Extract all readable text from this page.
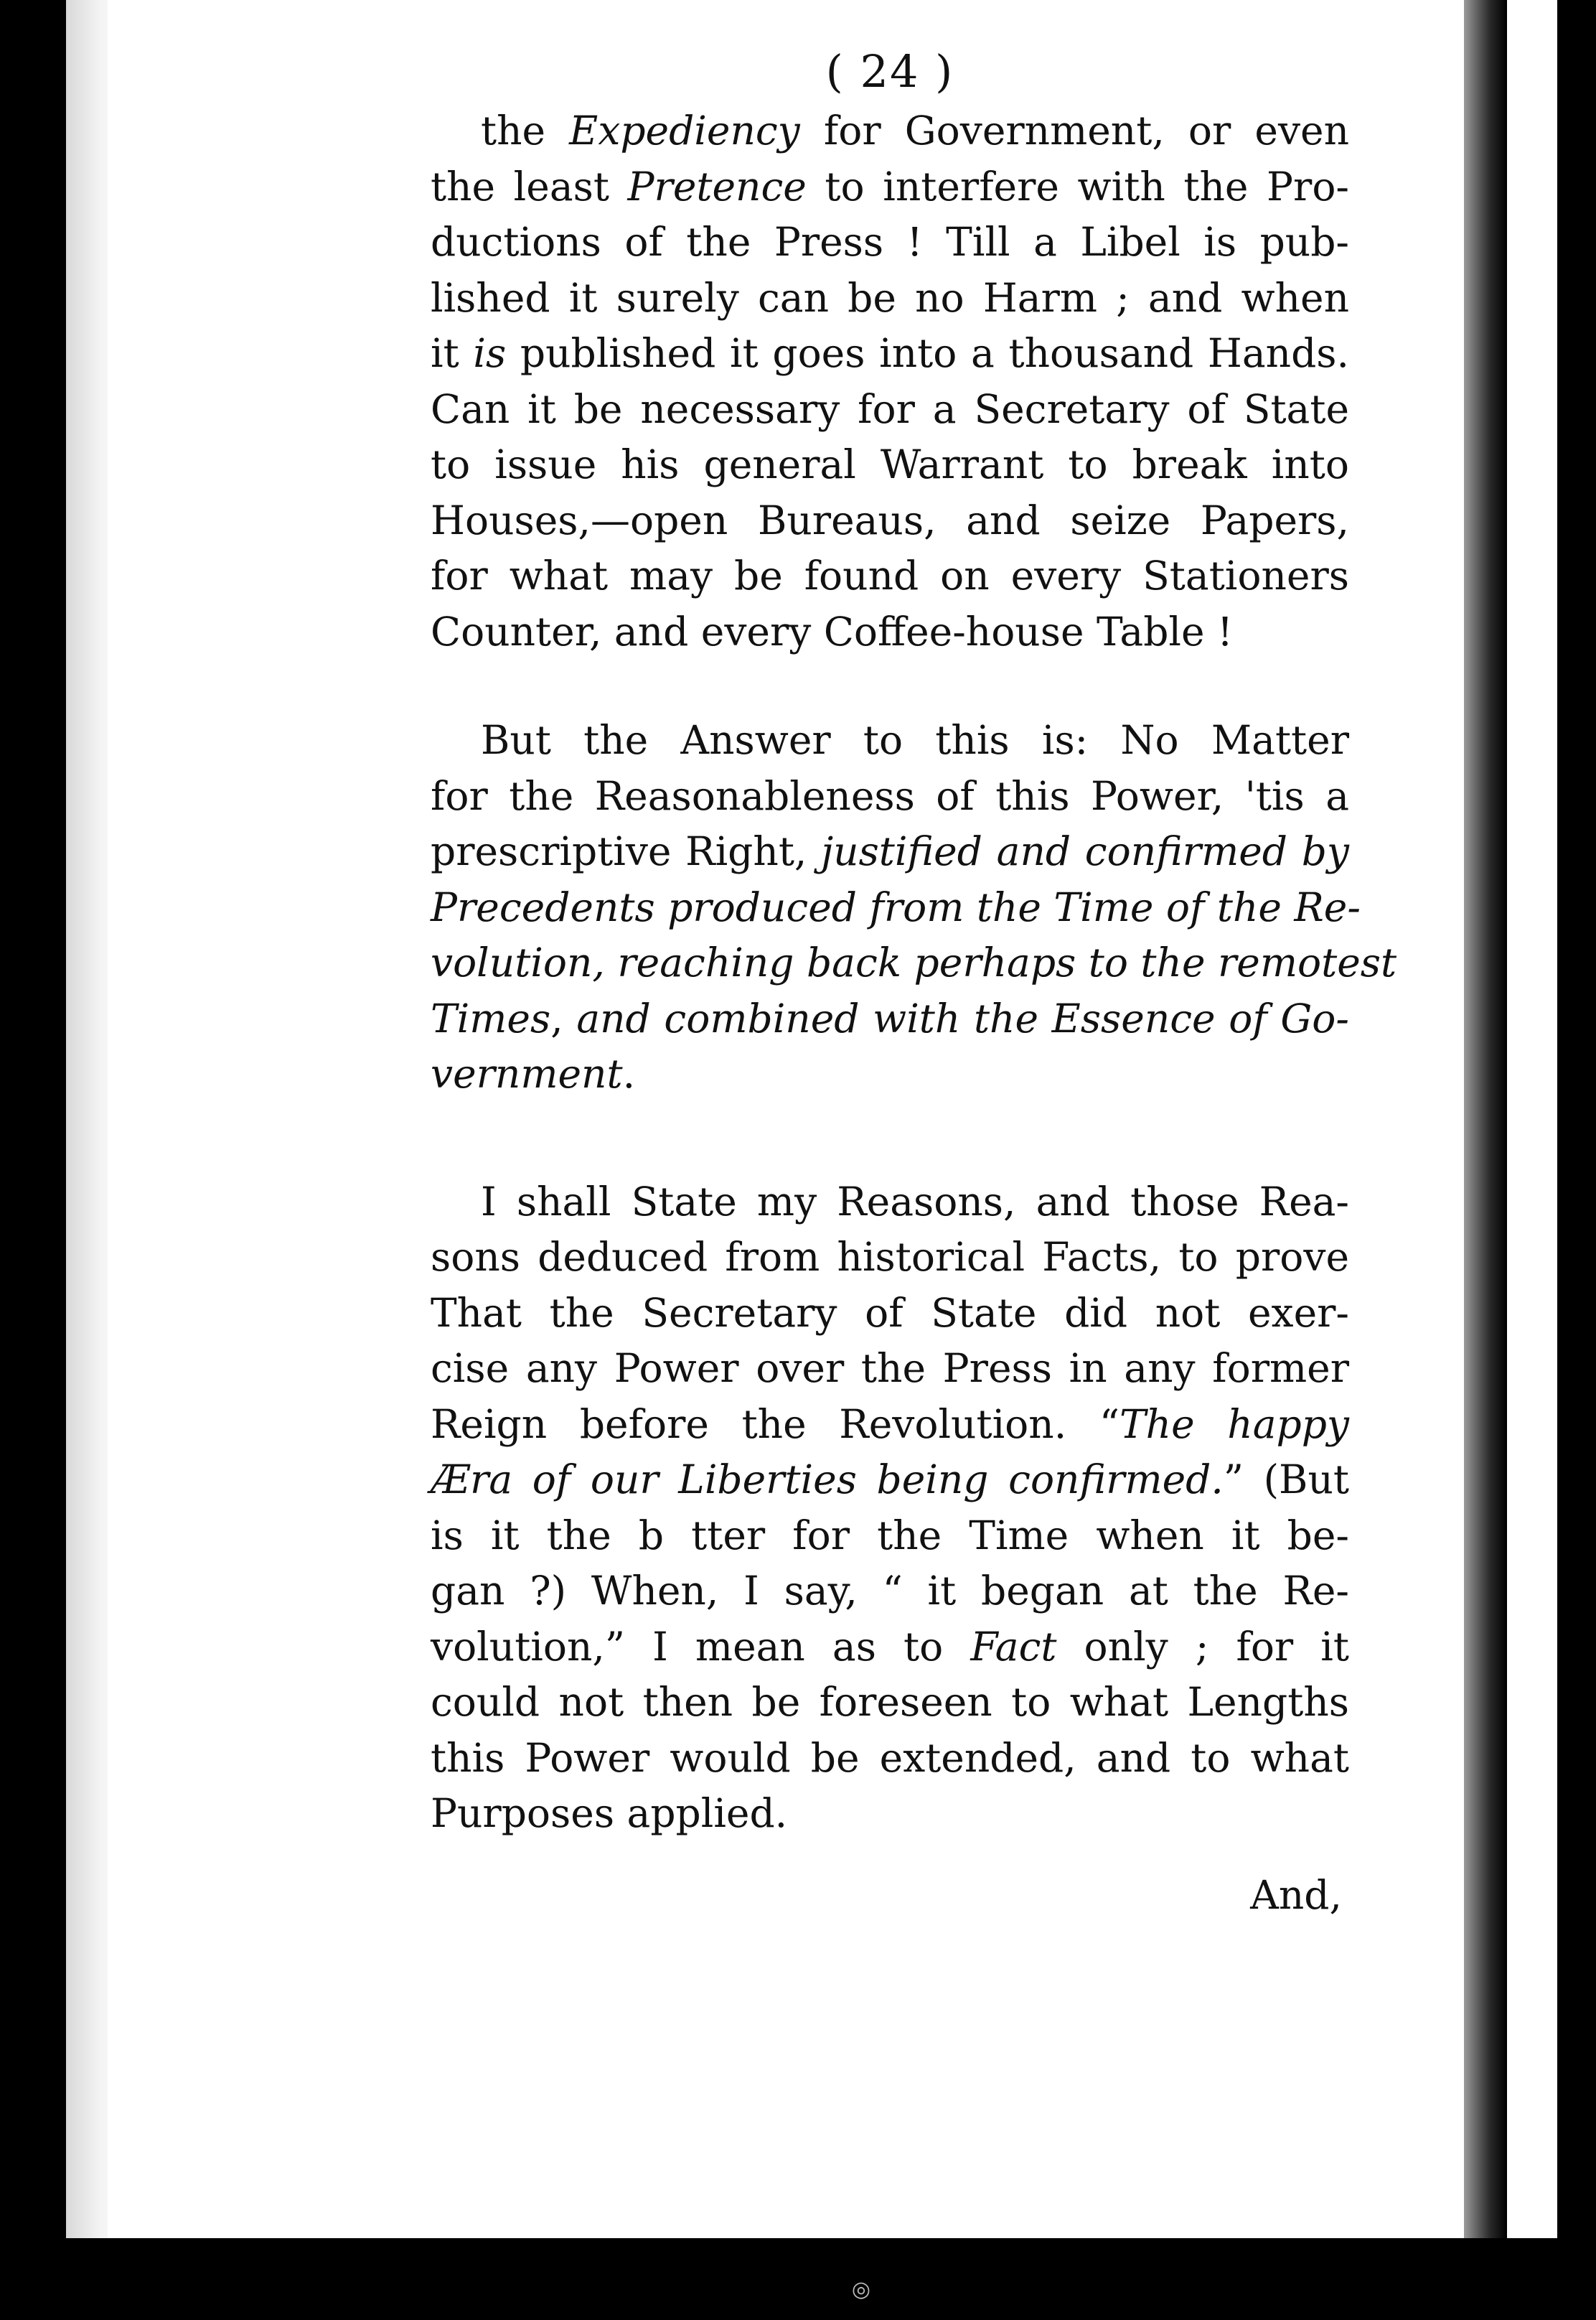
◎
( 24 )
the Expediency for Government, or even
the least Pretence to interfere with the Pro-
ductions of the Press ! Till a Libel is pub-
lished it surely can be no Harm ; and when
it is published it goes into a thousand Hands.
Can it be necessary for a Secretary of State
to issue his general Warrant to break into
Houses,—open Bureaus, and seize Papers,
for what may be found on every Stationers
Counter, and every Coffee-house Table !
But the Answer to this is: No Matter
for the Reasonableness of this Power, 'tis a
prescriptive Right, justified and confirmed by
Precedents produced from the Time of the Re-
volution, reaching back perhaps to the remotest
Times, and combined with the Essence of Go-
vernment.
I shall State my Reasons, and those Rea-
sons deduced from historical Facts, to prove
That the Secretary of State did not exer-
cise any Power over the Press in any former
Reign before the Revolution. “The happy
Æra of our Liberties being confirmed.” (But
is it the b tter for the Time when it be-
gan ?) When, I say, “ it began at the Re-
volution,” I mean as to Fact only ; for it
could not then be foreseen to what Lengths
this Power would be extended, and to what
Purposes applied.
And,
